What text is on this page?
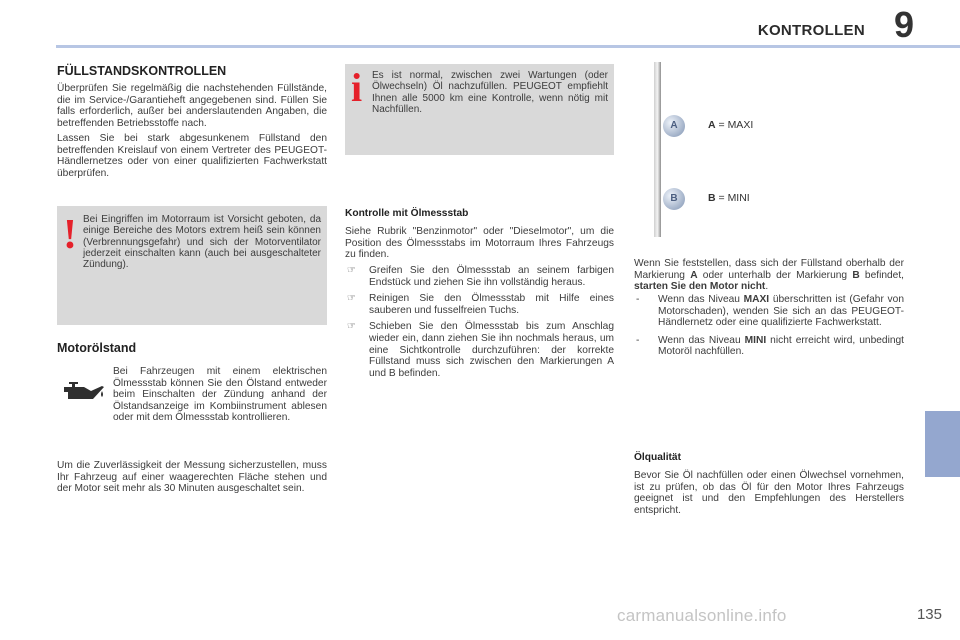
KONTROLLEN 9
FÜLLSTANDSKONTROLLEN

Überprüfen Sie regelmäßig die nachstehenden Füllstände, die im Service-/Garantieheft angegebenen sind. Füllen Sie falls erforderlich, außer bei anderslautenden Angaben, die betreffenden Betriebsstoffe nach.

Lassen Sie bei stark abgesunkenem Füllstand den betreffenden Kreislauf von einem Vertreter des PEUGEOT-Händlernetzes oder von einer qualifizierten Fachwerkstatt überprüfen.

! Bei Eingriffen im Motorraum ist Vorsicht geboten, da einige Bereiche des Motors extrem heiß sein können (Verbrennungsgefahr) und sich der Motorventilator jederzeit einschalten kann (auch bei ausgeschalteter Zündung).

Motorölstand

Bei Fahrzeugen mit einem elektrischen Ölmessstab können Sie den Ölstand entweder beim Einschalten der Zündung anhand der Ölstandsanzeige im Kombiinstrument ablesen oder mit dem Ölmessstab kontrollieren.

Um die Zuverlässigkeit der Messung sicherzustellen, muss Ihr Fahrzeug auf einer waagerechten Fläche stehen und der Motor seit mehr als 30 Minuten ausgeschaltet sein.

i Es ist normal, zwischen zwei Wartungen (oder Ölwechseln) Öl nachzufüllen. PEUGEOT empfiehlt Ihnen alle 5000 km eine Kontrolle, wenn nötig mit Nachfüllen.

Kontrolle mit Ölmessstab

Siehe Rubrik "Benzinmotor" oder "Dieselmotor", um die Position des Ölmessstabs im Motorraum Ihres Fahrzeugs zu finden.

☞ Greifen Sie den Ölmessstab an seinem farbigen Endstück und ziehen Sie ihn vollständig heraus.
☞ Reinigen Sie den Ölmessstab mit Hilfe eines sauberen und fusselfreien Tuchs.
☞ Schieben Sie den Ölmessstab bis zum Anschlag wieder ein, dann ziehen Sie ihn nochmals heraus, um eine Sichtkontrolle durchzuführen: der korrekte Füllstand muss sich zwischen den Markierungen A und B befinden.
A
B
A = MAXI
B = MINI

Wenn Sie feststellen, dass sich der Füllstand oberhalb der Markierung A oder unterhalb der Markierung B befindet, starten Sie den Motor nicht.

- Wenn das Niveau MAXI überschritten ist (Gefahr von Motorschaden), wenden Sie sich an das PEUGEOT-Händlernetz oder eine qualifizierte Fachwerkstatt.
- Wenn das Niveau MINI nicht erreicht wird, unbedingt Motoröl nachfüllen.
Ölqualität

Bevor Sie Öl nachfüllen oder einen Ölwechsel vornehmen, ist zu prüfen, ob das Öl für den Motor Ihres Fahrzeugs geeignet ist und den Empfehlungen des Herstellers entspricht.

carmanualsonline.info	135
